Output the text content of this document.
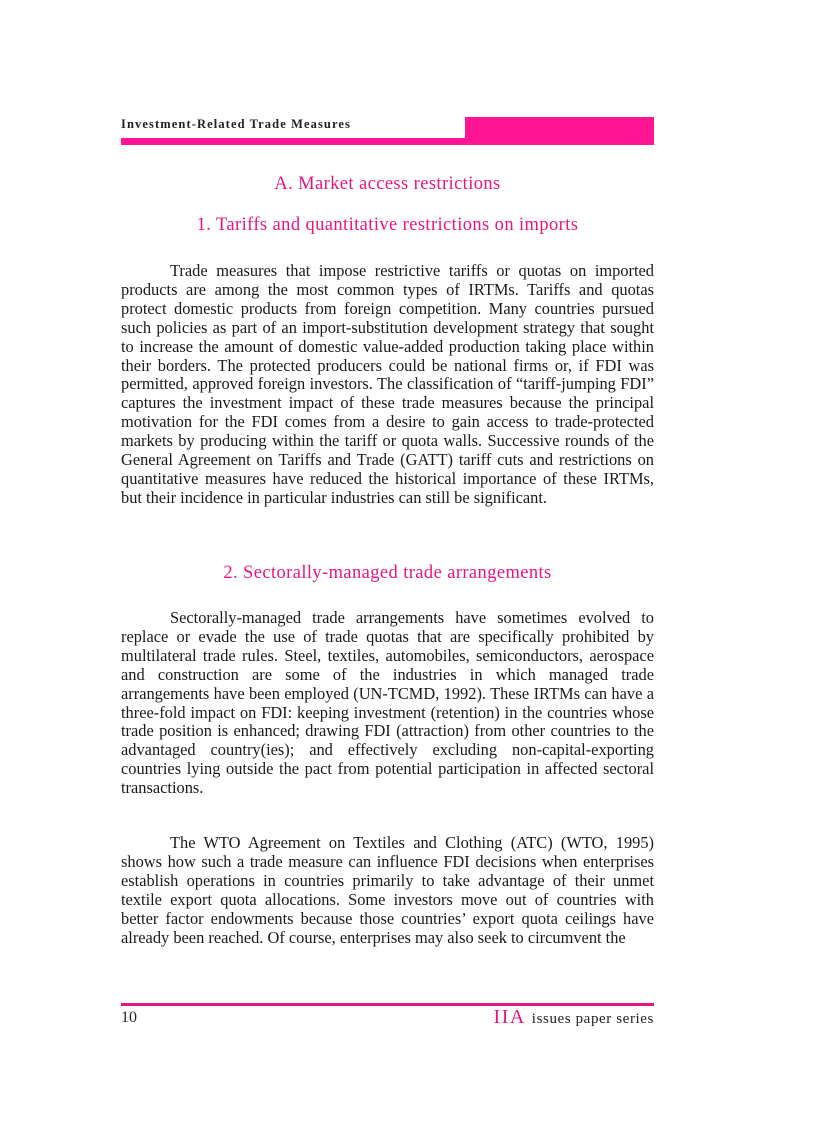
Investment-Related Trade Measures
A. Market access restrictions
1. Tariffs and quantitative restrictions on imports

Trade measures that impose restrictive tariffs or quotas on imported products are among the most common types of IRTMs. Tariffs and quotas protect domestic products from foreign competition. Many countries pursued such policies as part of an import-substitution development strategy that sought to increase the amount of domestic value-added production taking place within their borders. The protected producers could be national firms or, if FDI was permitted, approved foreign investors. The classification of “tariff-jumping FDI” captures the investment impact of these trade measures because the principal motivation for the FDI comes from a desire to gain access to trade-protected markets by producing within the tariff or quota walls. Successive rounds of the General Agreement on Tariffs and Trade (GATT) tariff cuts and restrictions on quantitative measures have reduced the historical importance of these IRTMs, but their incidence in particular industries can still be significant.

2. Sectorally-managed trade arrangements

Sectorally-managed trade arrangements have sometimes evolved to replace or evade the use of trade quotas that are specifically prohibited by multilateral trade rules. Steel, textiles, automobiles, semiconductors, aerospace and construction are some of the industries in which managed trade arrangements have been employed (UN-TCMD, 1992). These IRTMs can have a three-fold impact on FDI: keeping investment (retention) in the countries whose trade position is enhanced; drawing FDI (attraction) from other countries to the advantaged country(ies); and effectively excluding non-capital-exporting countries lying outside the pact from potential participation in affected sectoral transactions.

The WTO Agreement on Textiles and Clothing (ATC) (WTO, 1995) shows how such a trade measure can influence FDI decisions when enterprises establish operations in countries primarily to take advantage of their unmet textile export quota allocations. Some investors move out of countries with better factor endowments because those countries’ export quota ceilings have already been reached. Of course, enterprises may also seek to circumvent the

10	IIA issues paper series
